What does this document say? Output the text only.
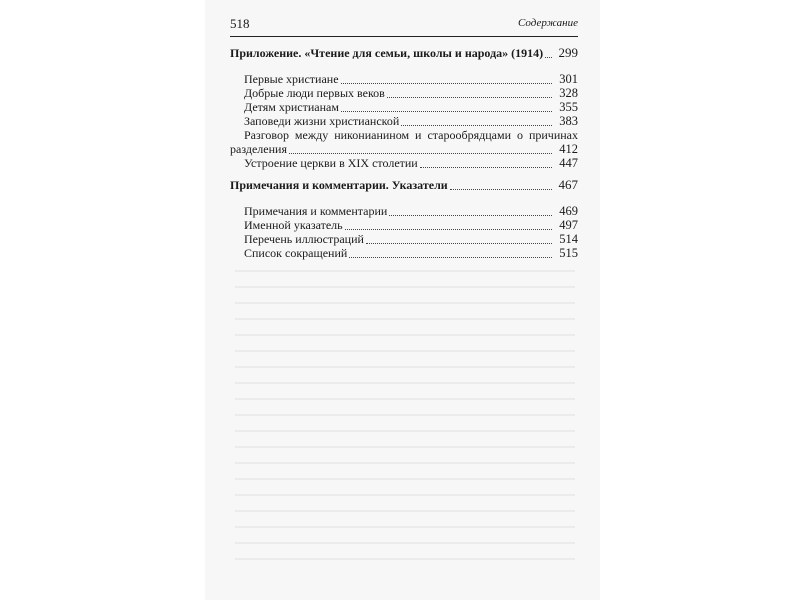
518	Содержание
Приложение. «Чтение для семьи, школы и народа» (1914)	299
Первые христиане	301
Добрые люди первых веков	328
Детям христианам	355
Заповеди жизни христианской	383
Разговор между никонианином и старообрядцами о причинах
разделения	412
Устроение церкви в XIX столетии	447
Примечания и комментарии. Указатели	467
Примечания и комментарии	469
Именной указатель	497
Перечень иллюстраций	514
Список сокращений	515
